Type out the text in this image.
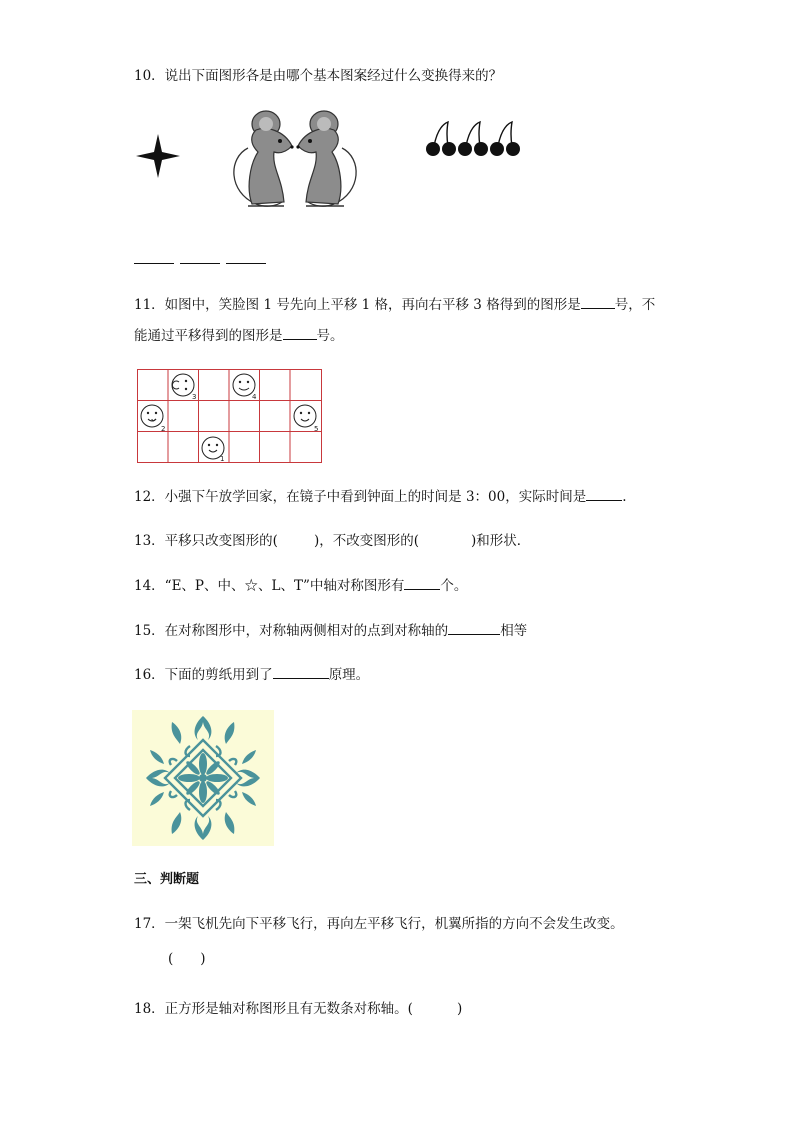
10．说出下面图形各是由哪个基本图案经过什么变换得来的？
11．如图中，笑脸图 1 号先向上平移 1 格，再向右平移 3 格得到的图形是	号，不
能通过平移得到的图形是	号。
1
2
3	4
5
12．小强下午放学回家，在镜子中看到钟面上的时间是 3：00，实际时间是	.
13．平移只改变图形的(	)，不改变图形的(	)和形状．
14．“E、P、中、☆、L、T”中轴对称图形有	个。
15．在对称图形中，对称轴两侧相对的点到对称轴的	相等
16．下面的剪纸用到了	原理。
三、判断题
17．一架飞机先向下平移飞行，再向左平移飞行，机翼所指的方向不会发生改变。
(　　)
18．正方形是轴对称图形且有无数条对称轴。(	)
